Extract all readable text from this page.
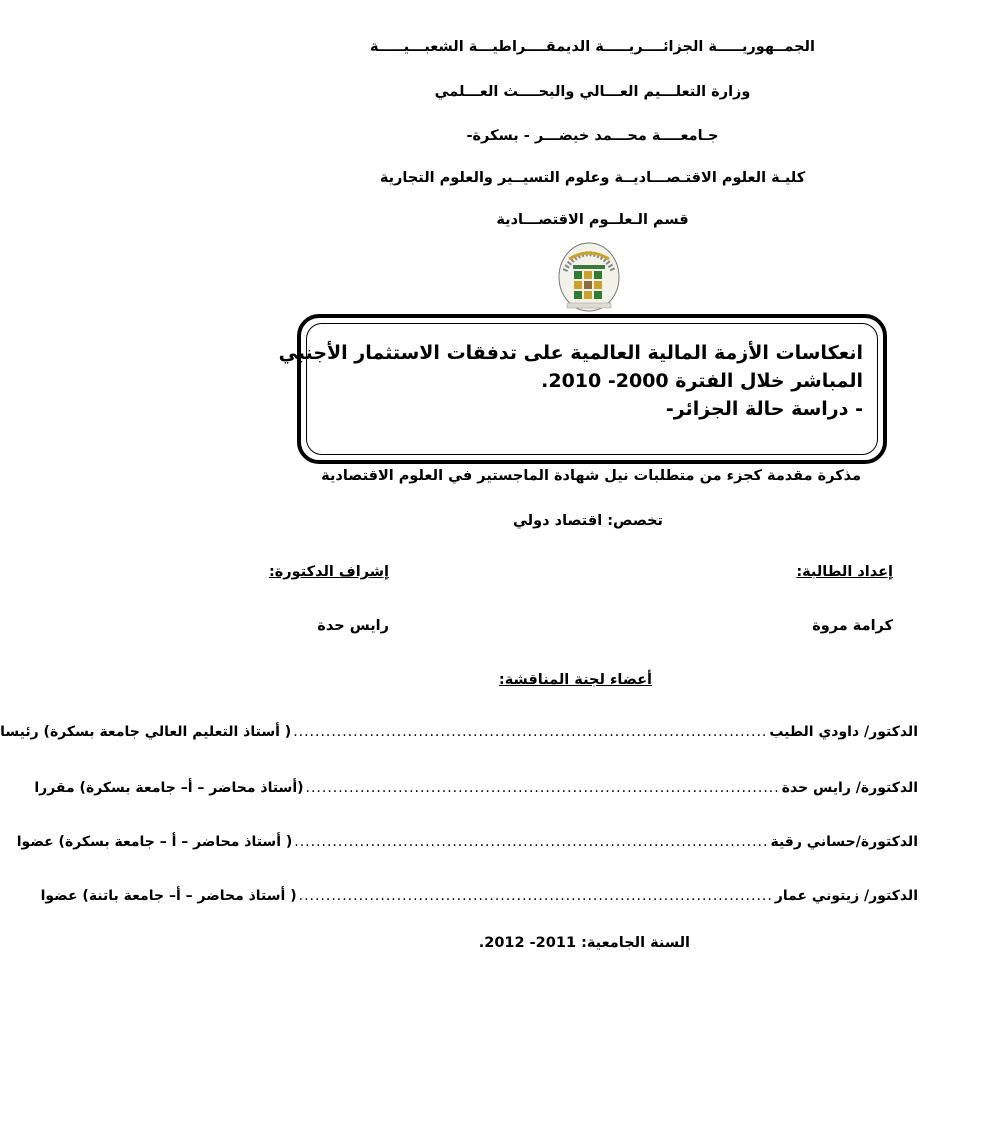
الجمــهوريـــــة الجزائــــريـــــة الديمقــــراطيـــة الشعبـــيـــــة
وزارة التعلـــيم العـــالي والبحــــث العـــلمي
جـامعــــة محـــمد خيضـــر - بسكرة-
كليـة العلوم الاقتـصـــاديــة وعلوم التسيــير والعلوم التجارية
قسم الـعلــوم الاقتصـــادية
انعكاسات الأزمة المالية العالمية على تدفقات الاستثمار الأجنبي
المباشر خلال الفترة 2000- 2010.
- دراسة حالة الجزائر-
مذكرة مقدمة كجزء من متطلبات نيل شهادة الماجستير في العلوم الاقتصادية
تخصص: اقتصاد دولي
إعداد الطالبة:
إشراف الدكتورة:
كرامة مروة
رايس حدة
أعضاء لجنة المناقشة:
الدكتور/ داودي الطيب
.......................................................................................
( أستاذ التعليم العالي جامعة بسكرة) رئيسا
الدكتورة/ رايس حدة
.......................................................................................
(أستاذ محاضر – أ– جامعة بسكرة) مقررا
الدكتورة/حساني رقية
.......................................................................................
( أستاذ محاضر – أ – جامعة بسكرة) عضوا
الدكتور/ زيتوني عمار
.......................................................................................
( أستاذ محاضر – أ– جامعة باتنة) عضوا
السنة الجامعية: 2011- 2012.
